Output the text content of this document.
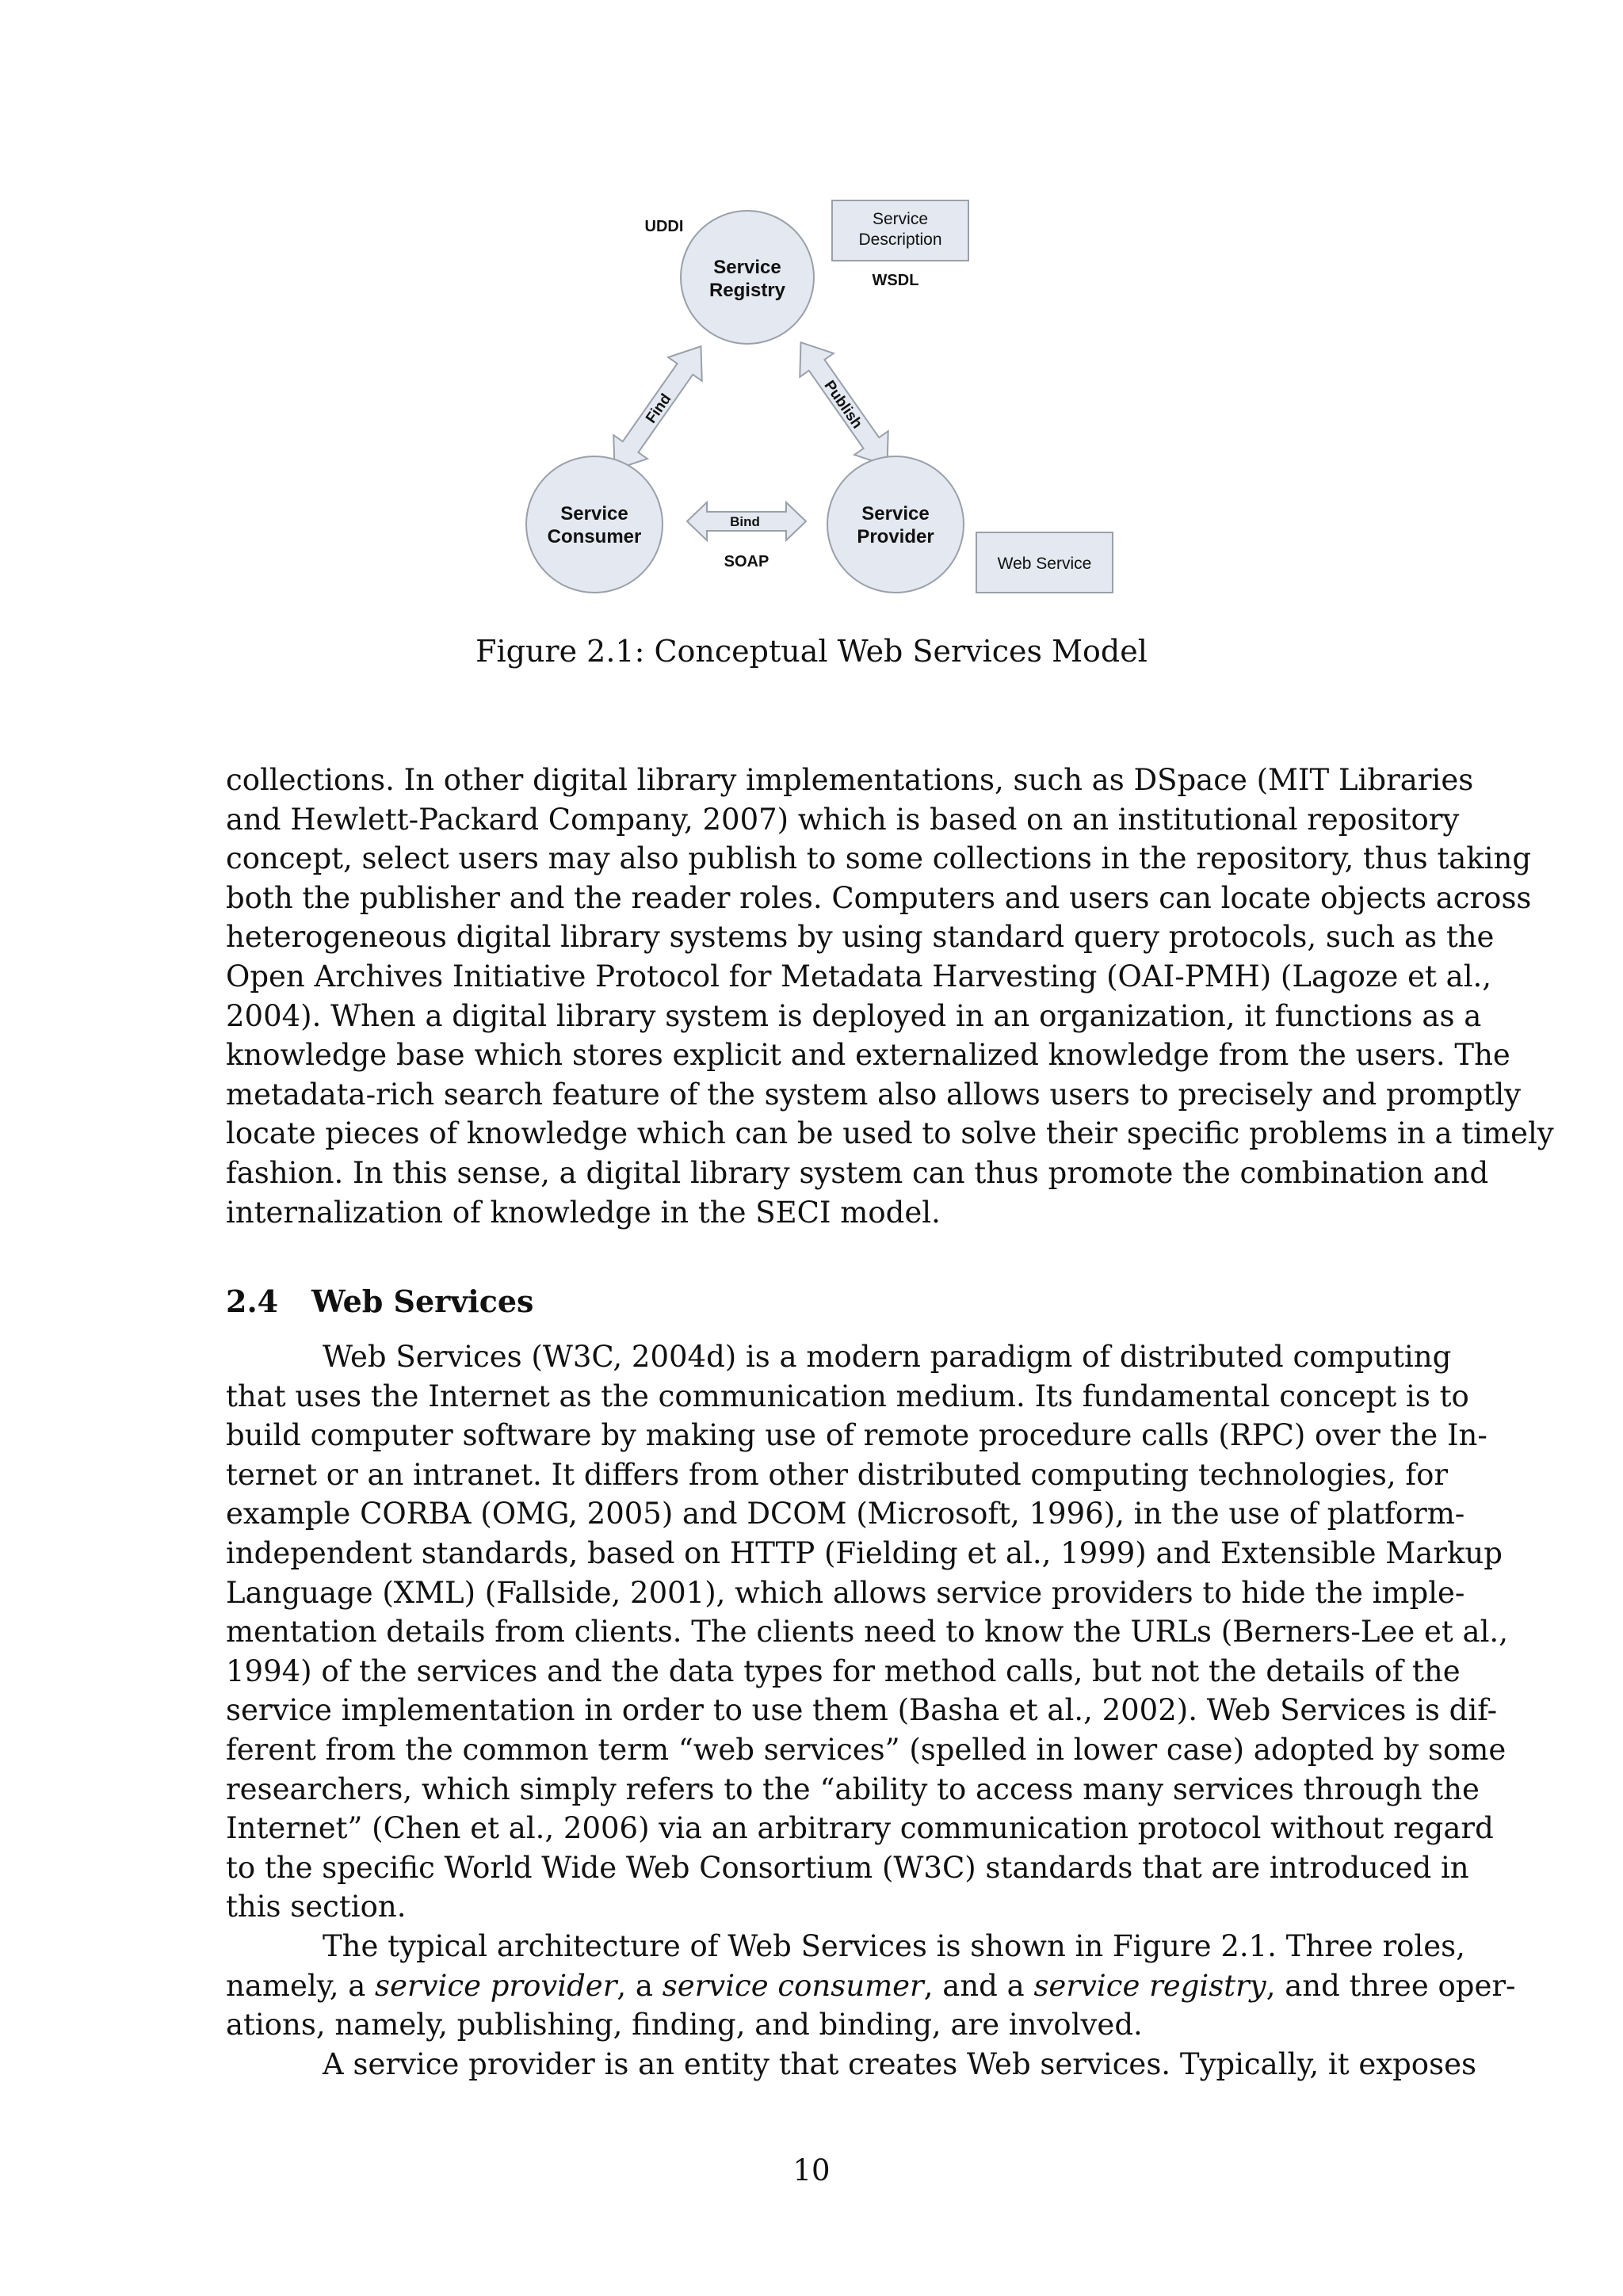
Service
Description
WSDL
UDDI
Service
Registry
Find	Publish
Service
Consumer
Bind
SOAP
Service
Provider
Web Service
Figure 2.1: Conceptual Web Services Model
collections. In other digital library implementations, such as DSpace (MIT Libraries
and Hewlett-Packard Company, 2007) which is based on an institutional repository
concept, select users may also publish to some collections in the repository, thus taking
both the publisher and the reader roles. Computers and users can locate objects across
heterogeneous digital library systems by using standard query protocols, such as the
Open Archives Initiative Protocol for Metadata Harvesting (OAI-PMH) (Lagoze et al.,
2004). When a digital library system is deployed in an organization, it functions as a
knowledge base which stores explicit and externalized knowledge from the users. The
metadata-rich search feature of the system also allows users to precisely and promptly
locate pieces of knowledge which can be used to solve their specific problems in a timely
fashion. In this sense, a digital library system can thus promote the combination and
internalization of knowledge in the SECI model.
2.4 Web Services
Web Services (W3C, 2004d) is a modern paradigm of distributed computing
that uses the Internet as the communication medium. Its fundamental concept is to
build computer software by making use of remote procedure calls (RPC) over the In-
ternet or an intranet. It differs from other distributed computing technologies, for
example CORBA (OMG, 2005) and DCOM (Microsoft, 1996), in the use of platform-
independent standards, based on HTTP (Fielding et al., 1999) and Extensible Markup
Language (XML) (Fallside, 2001), which allows service providers to hide the imple-
mentation details from clients. The clients need to know the URLs (Berners-Lee et al.,
1994) of the services and the data types for method calls, but not the details of the
service implementation in order to use them (Basha et al., 2002). Web Services is dif-
ferent from the common term “web services” (spelled in lower case) adopted by some
researchers, which simply refers to the “ability to access many services through the
Internet” (Chen et al., 2006) via an arbitrary communication protocol without regard
to the specific World Wide Web Consortium (W3C) standards that are introduced in
this section.
The typical architecture of Web Services is shown in Figure 2.1. Three roles,
namely, a service provider, a service consumer, and a service registry, and three oper-
ations, namely, publishing, finding, and binding, are involved.
A service provider is an entity that creates Web services. Typically, it exposes
10
